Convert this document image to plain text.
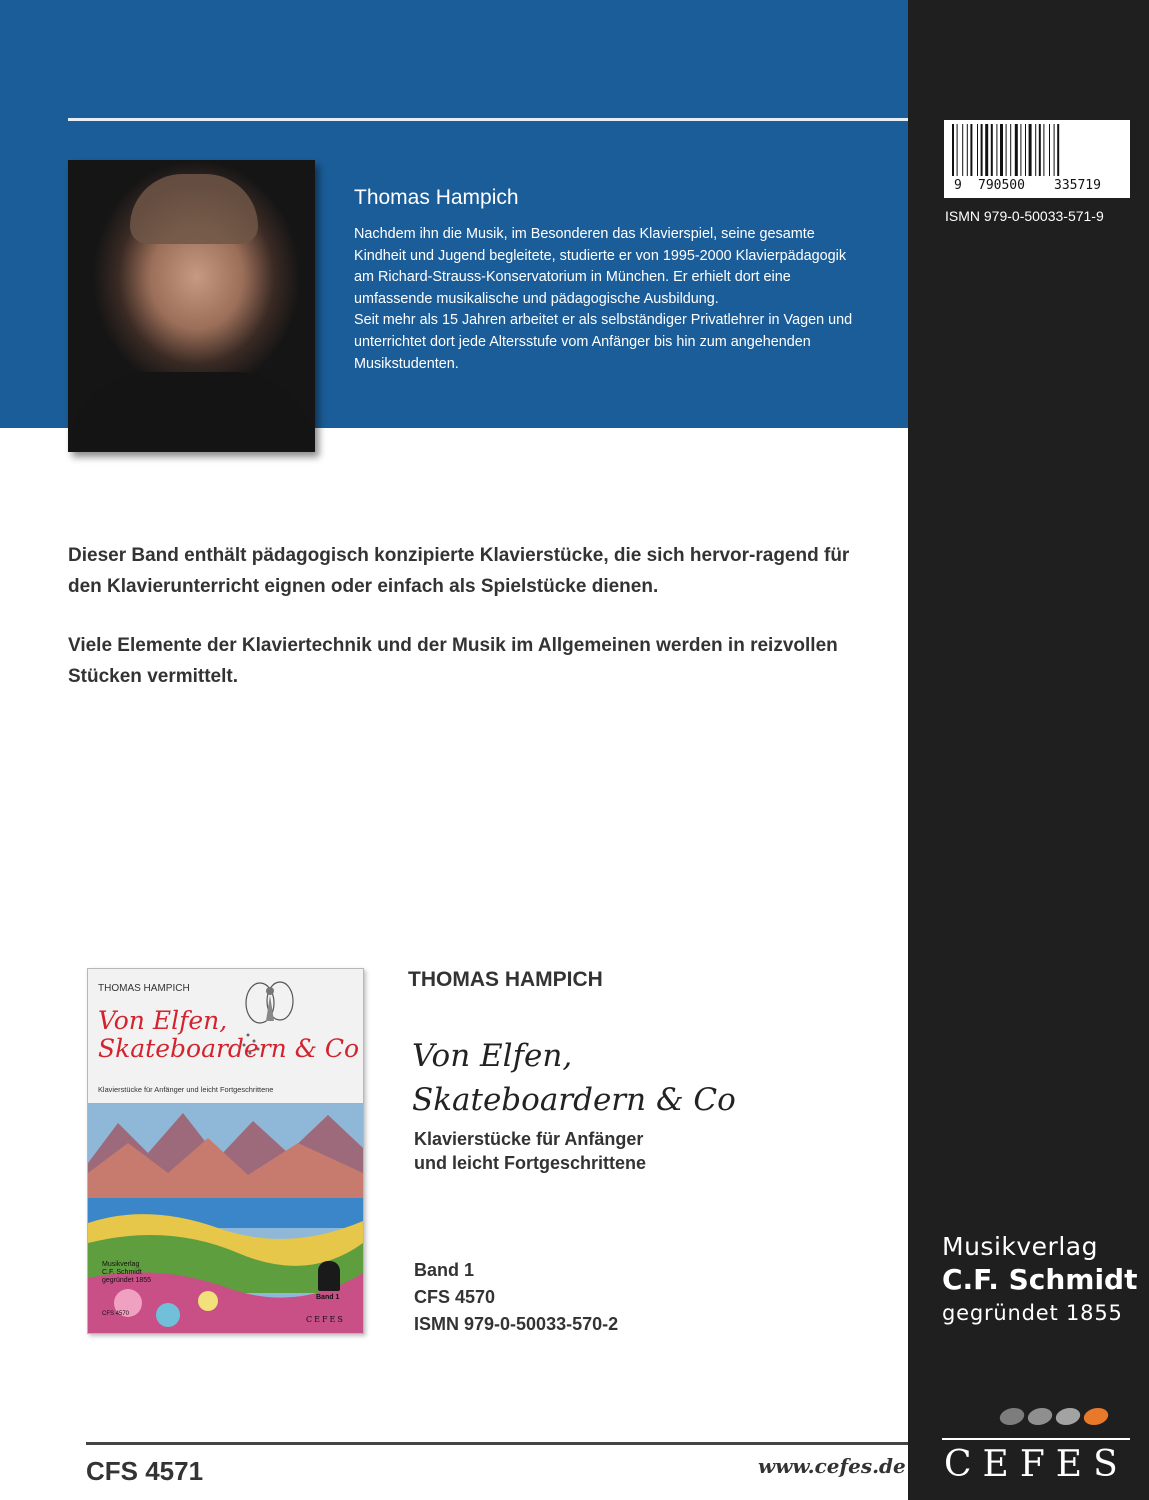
Thomas Hampich

Nachdem ihn die Musik, im Besonderen das Klavierspiel, seine gesamte Kindheit und Jugend begleitete, studierte er von 1995-2000 Klavierpädagogik am Richard-Strauss-Konservatorium in München. Er erhielt dort eine umfassende musikalische und pädagogische Ausbildung.

Seit mehr als 15 Jahren arbeitet er als selbständiger Privatlehrer in Vagen und unterrichtet dort jede Altersstufe vom Anfänger bis hin zum angehenden Musikstudenten.

9 790500 335719
ISMN 979-0-50033-571-9
Dieser Band enthält pädagogisch konzipierte Klavierstücke, die sich hervor-ragend für den Klavierunterricht eignen oder einfach als Spielstücke dienen.
Viele Elemente der Klaviertechnik und der Musik im Allgemeinen werden in reizvollen Stücken vermittelt.
THOMAS HAMPICH
Von Elfen,
Skateboardern & Co
Klavierstücke für Anfänger und leicht Fortgeschrittene
Musikverlag
C.F. Schmidt
gegründet 1855
Band 1
CFS 4570
CEFES
THOMAS HAMPICH
Von Elfen,
Skateboardern & Co
Klavierstücke für Anfänger
und leicht Fortgeschrittene
Band 1
CFS 4570
ISMN 979-0-50033-570-2
Musikverlag
C.F. Schmidt
gegründet 1855
CEFES
CFS 4571	www.cefes.de
